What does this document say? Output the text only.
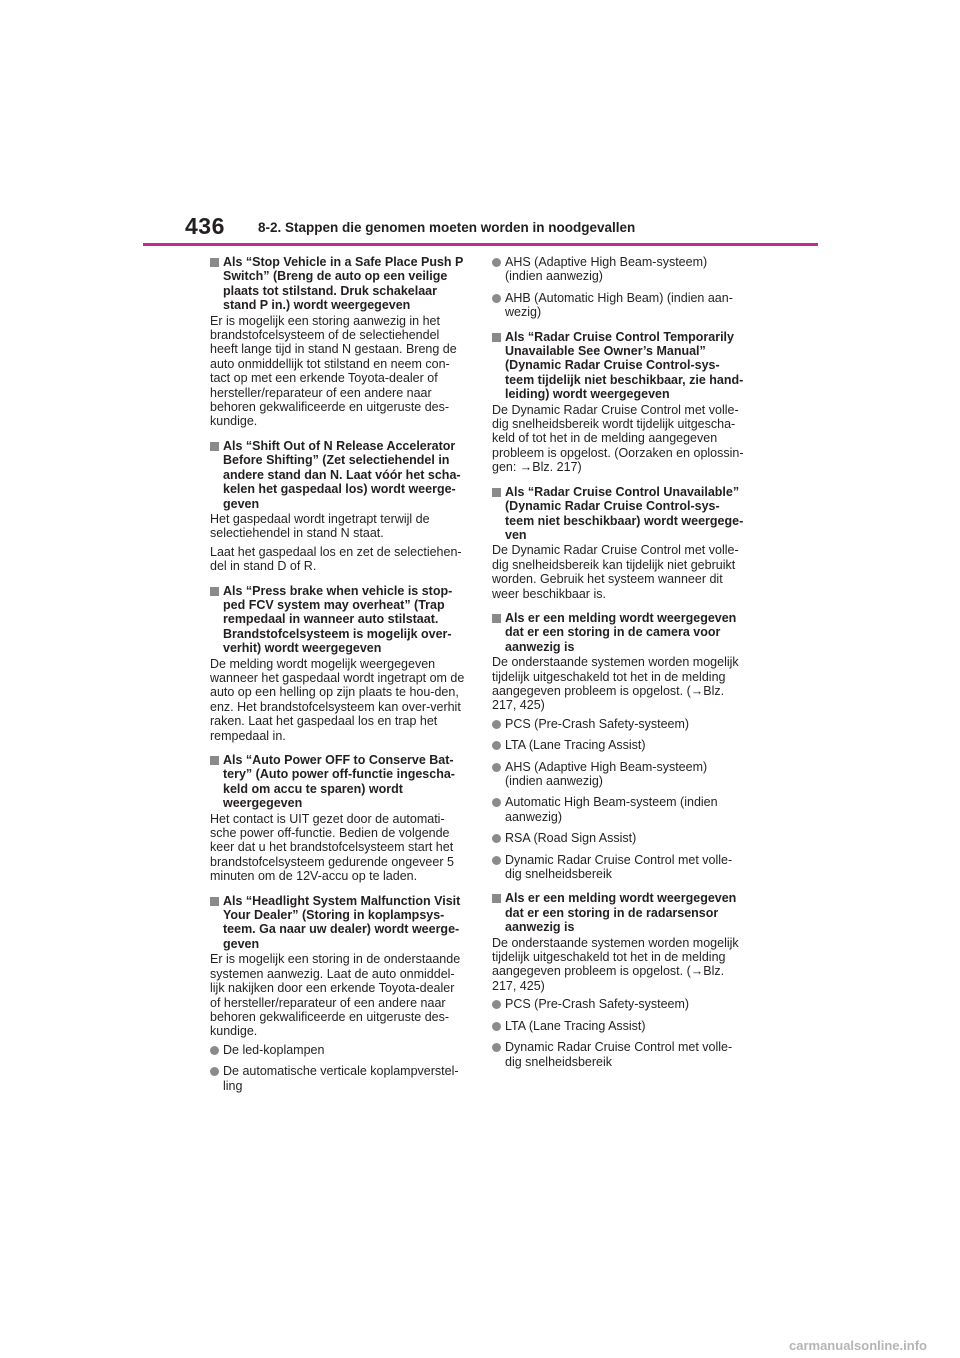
436 8-2. Stappen die genomen moeten worden in noodgevallen
Als “Stop Vehicle in a Safe Place Push P Switch” (Breng de auto op een veilige plaats tot stilstand. Druk schakelaar stand P in.) wordt weergegeven

Er is mogelijk een storing aanwezig in het brandstofcelsysteem of de selectiehendel heeft lange tijd in stand N gestaan. Breng de auto onmiddellijk tot stilstand en neem con-tact op met een erkende Toyota-dealer of hersteller/reparateur of een andere naar behoren gekwalificeerde en uitgeruste des-kundige.

Als “Shift Out of N Release Accelerator Before Shifting” (Zet selectiehendel in andere stand dan N. Laat vóór het scha-kelen het gaspedaal los) wordt weerge-geven

Het gaspedaal wordt ingetrapt terwijl de selectiehendel in stand N staat.

Laat het gaspedaal los en zet de selectiehen-del in stand D of R.

Als “Press brake when vehicle is stop-ped FCV system may overheat” (Trap rempedaal in wanneer auto stilstaat. Brandstofcelsysteem is mogelijk over-verhit) wordt weergegeven

De melding wordt mogelijk weergegeven wanneer het gaspedaal wordt ingetrapt om de auto op een helling op zijn plaats te hou-den, enz. Het brandstofcelsysteem kan over-verhit raken. Laat het gaspedaal los en trap het rempedaal in.

Als “Auto Power OFF to Conserve Bat-tery” (Auto power off-functie ingescha-keld om accu te sparen) wordt weergegeven

Het contact is UIT gezet door de automati-sche power off-functie. Bedien de volgende keer dat u het brandstofcelsysteem start het brandstofcelsysteem gedurende ongeveer 5 minuten om de 12V-accu op te laden.

Als “Headlight System Malfunction Visit Your Dealer” (Storing in koplampsys-teem. Ga naar uw dealer) wordt weerge-geven

Er is mogelijk een storing in de onderstaande systemen aanwezig. Laat de auto onmiddel-lijk nakijken door een erkende Toyota-dealer of hersteller/reparateur of een andere naar behoren gekwalificeerde en uitgeruste des-kundige.

De led-koplampen
De automatische verticale koplampverstel-ling
AHS (Adaptive High Beam-systeem) (indien aanwezig)
AHB (Automatic High Beam) (indien aan-wezig)
Als “Radar Cruise Control Temporarily Unavailable See Owner’s Manual” (Dynamic Radar Cruise Control-sys-teem tijdelijk niet beschikbaar, zie hand-leiding) wordt weergegeven

De Dynamic Radar Cruise Control met volle-dig snelheidsbereik wordt tijdelijk uitgescha-keld of tot het in de melding aangegeven probleem is opgelost. (Oorzaken en oplossin-gen: →Blz. 217)

Als “Radar Cruise Control Unavailable” (Dynamic Radar Cruise Control-sys-teem niet beschikbaar) wordt weergege-ven

De Dynamic Radar Cruise Control met volle-dig snelheidsbereik kan tijdelijk niet gebruikt worden. Gebruik het systeem wanneer dit weer beschikbaar is.

Als er een melding wordt weergegeven dat er een storing in de camera voor aanwezig is

De onderstaande systemen worden mogelijk tijdelijk uitgeschakeld tot het in de melding aangegeven probleem is opgelost. (→Blz. 217, 425)

PCS (Pre-Crash Safety-systeem)
LTA (Lane Tracing Assist)
AHS (Adaptive High Beam-systeem) (indien aanwezig)
Automatic High Beam-systeem (indien aanwezig)
RSA (Road Sign Assist)
Dynamic Radar Cruise Control met volle-dig snelheidsbereik
Als er een melding wordt weergegeven dat er een storing in de radarsensor aanwezig is

De onderstaande systemen worden mogelijk tijdelijk uitgeschakeld tot het in de melding aangegeven probleem is opgelost. (→Blz. 217, 425)

PCS (Pre-Crash Safety-systeem)
LTA (Lane Tracing Assist)
Dynamic Radar Cruise Control met volle-dig snelheidsbereik
carmanualsonline.info
